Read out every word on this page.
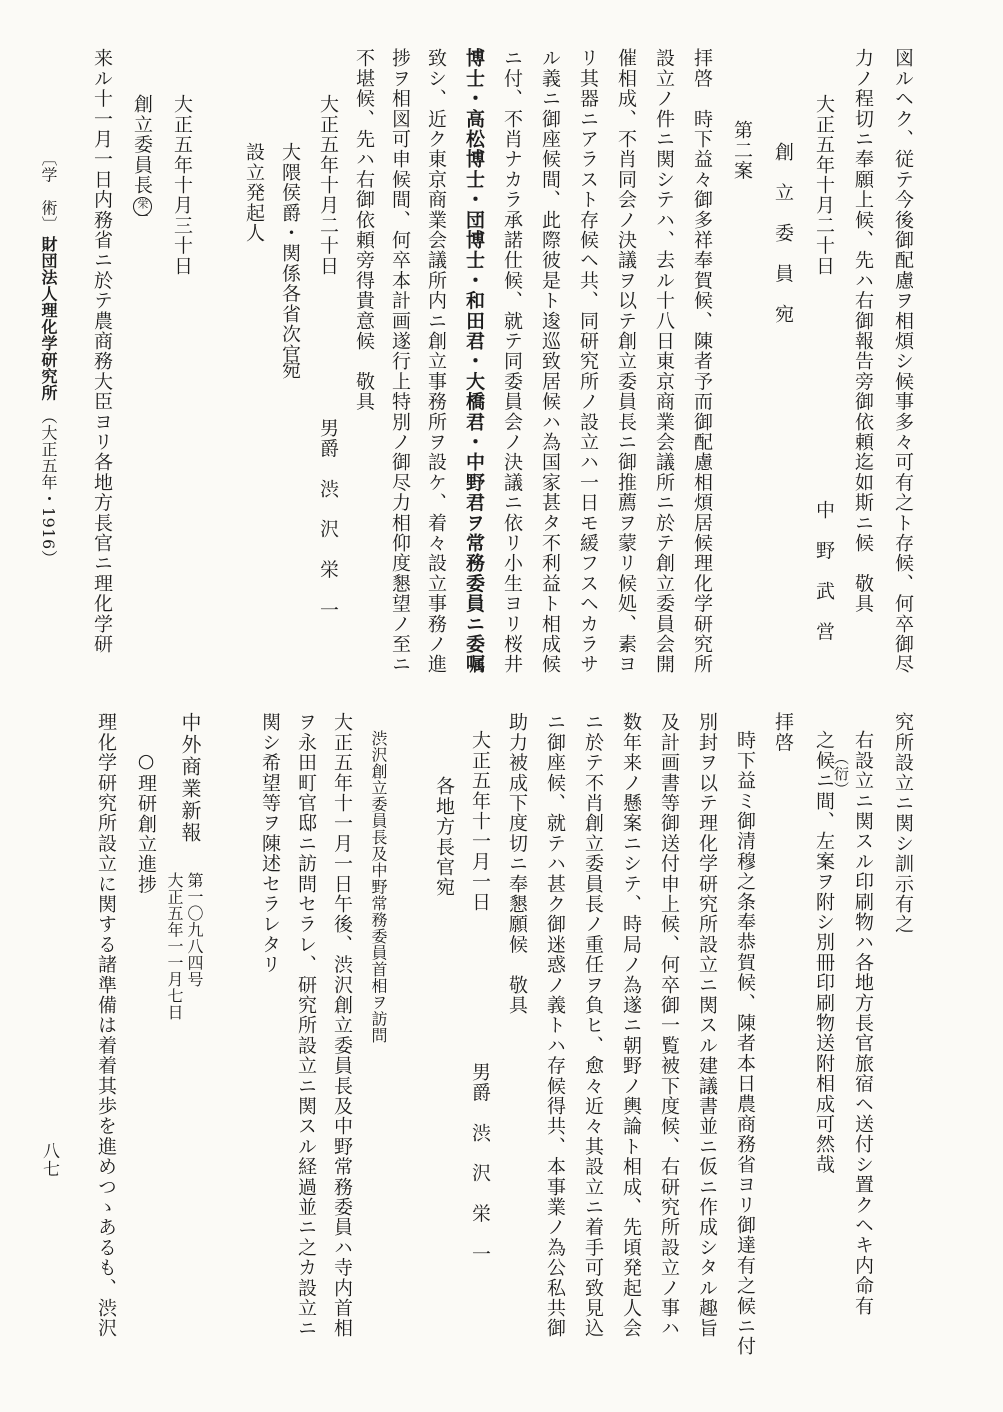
図ルヘク、従テ今後御配慮ヲ相煩シ候事多々可有之ト存候、何卒御尽
力ノ程切ニ奉願上候、先ハ右御報告旁御依頼迄如斯ニ候　敬具
大正五年十月二十日
中　野　武　営
創　立　委　員　宛
第二案
拝啓　時下益々御多祥奉賀候、陳者予而御配慮相煩居候理化学研究所
設立ノ件ニ関シテハ、去ル十八日東京商業会議所ニ於テ創立委員会開
催相成、不肖同会ノ決議ヲ以テ創立委員長ニ御推薦ヲ蒙リ候処、素ヨ
リ其器ニアラスト存候ヘ共、同研究所ノ設立ハ一日モ緩フスヘカラサ
ル義ニ御座候間、此際彼是ト逡巡致居候ハ為国家甚タ不利益ト相成候
ニ付、不肖ナカラ承諾仕候、就テ同委員会ノ決議ニ依リ小生ヨリ桜井
博士・高松博士・団博士・和田君・大橋君・中野君ヲ常務委員ニ委嘱
致シ、近ク東京商業会議所内ニ創立事務所ヲ設ケ、着々設立事務ノ進
捗ヲ相図可申候間、何卒本計画遂行上特別ノ御尽力相仰度懇望ノ至ニ
不堪候、先ハ右御依頼旁得貴意候　敬具
大正五年十月二十日
男爵　渋　沢　栄　一
大隈侯爵・関係各省次官
宛
設立発起人
大正五年十月三十日
創立委員長栄一
来ル十一月一日内務省ニ於テ農商務大臣ヨリ各地方長官ニ理化学研
究所設立ニ関シ訓示有之
右設立ニ関スル印刷物ハ各地方長官旅宿ヘ送付シ置クヘキ内命有
（衍）
之候ニ間、左案ヲ附シ別冊印刷物送附相成可然哉
拝啓
時下益ミ御清穆之条奉恭賀候、陳者本日農商務省ヨリ御達有之候ニ付
別封ヲ以テ理化学研究所設立ニ関スル建議書並ニ仮ニ作成シタル趣旨
及計画書等御送付申上候、何卒御一覧被下度候、右研究所設立ノ事ハ
数年来ノ懸案ニシテ、時局ノ為遂ニ朝野ノ輿論ト相成、先頃発起人会
ニ於テ不肖創立委員長ノ重任ヲ負ヒ、愈々近々其設立ニ着手可致見込
ニ御座候、就テハ甚ク御迷惑ノ義トハ存候得共、本事業ノ為公私共御
助力被成下度切ニ奉懇願候　敬具
大正五年十一月一日
男爵　渋　沢　栄　一
各地方長官宛
渋沢創立委員長及中野常務委員首相ヲ訪問
大正五年十一月一日午後、渋沢創立委員長及中野常務委員ハ寺内首相
ヲ永田町官邸ニ訪問セラレ、研究所設立ニ関スル経過並ニ之カ設立ニ
関シ希望等ヲ陳述セラレタリ
中外商業新報
第一〇九八四号
大正五年一一月七日
○理研創立進捗
理化学研究所設立に関する諸準備は着着其歩を進めつゝあるも、渋沢
〔学　術〕
財団法人理化学研究所
（大正五年・1916）
八七
